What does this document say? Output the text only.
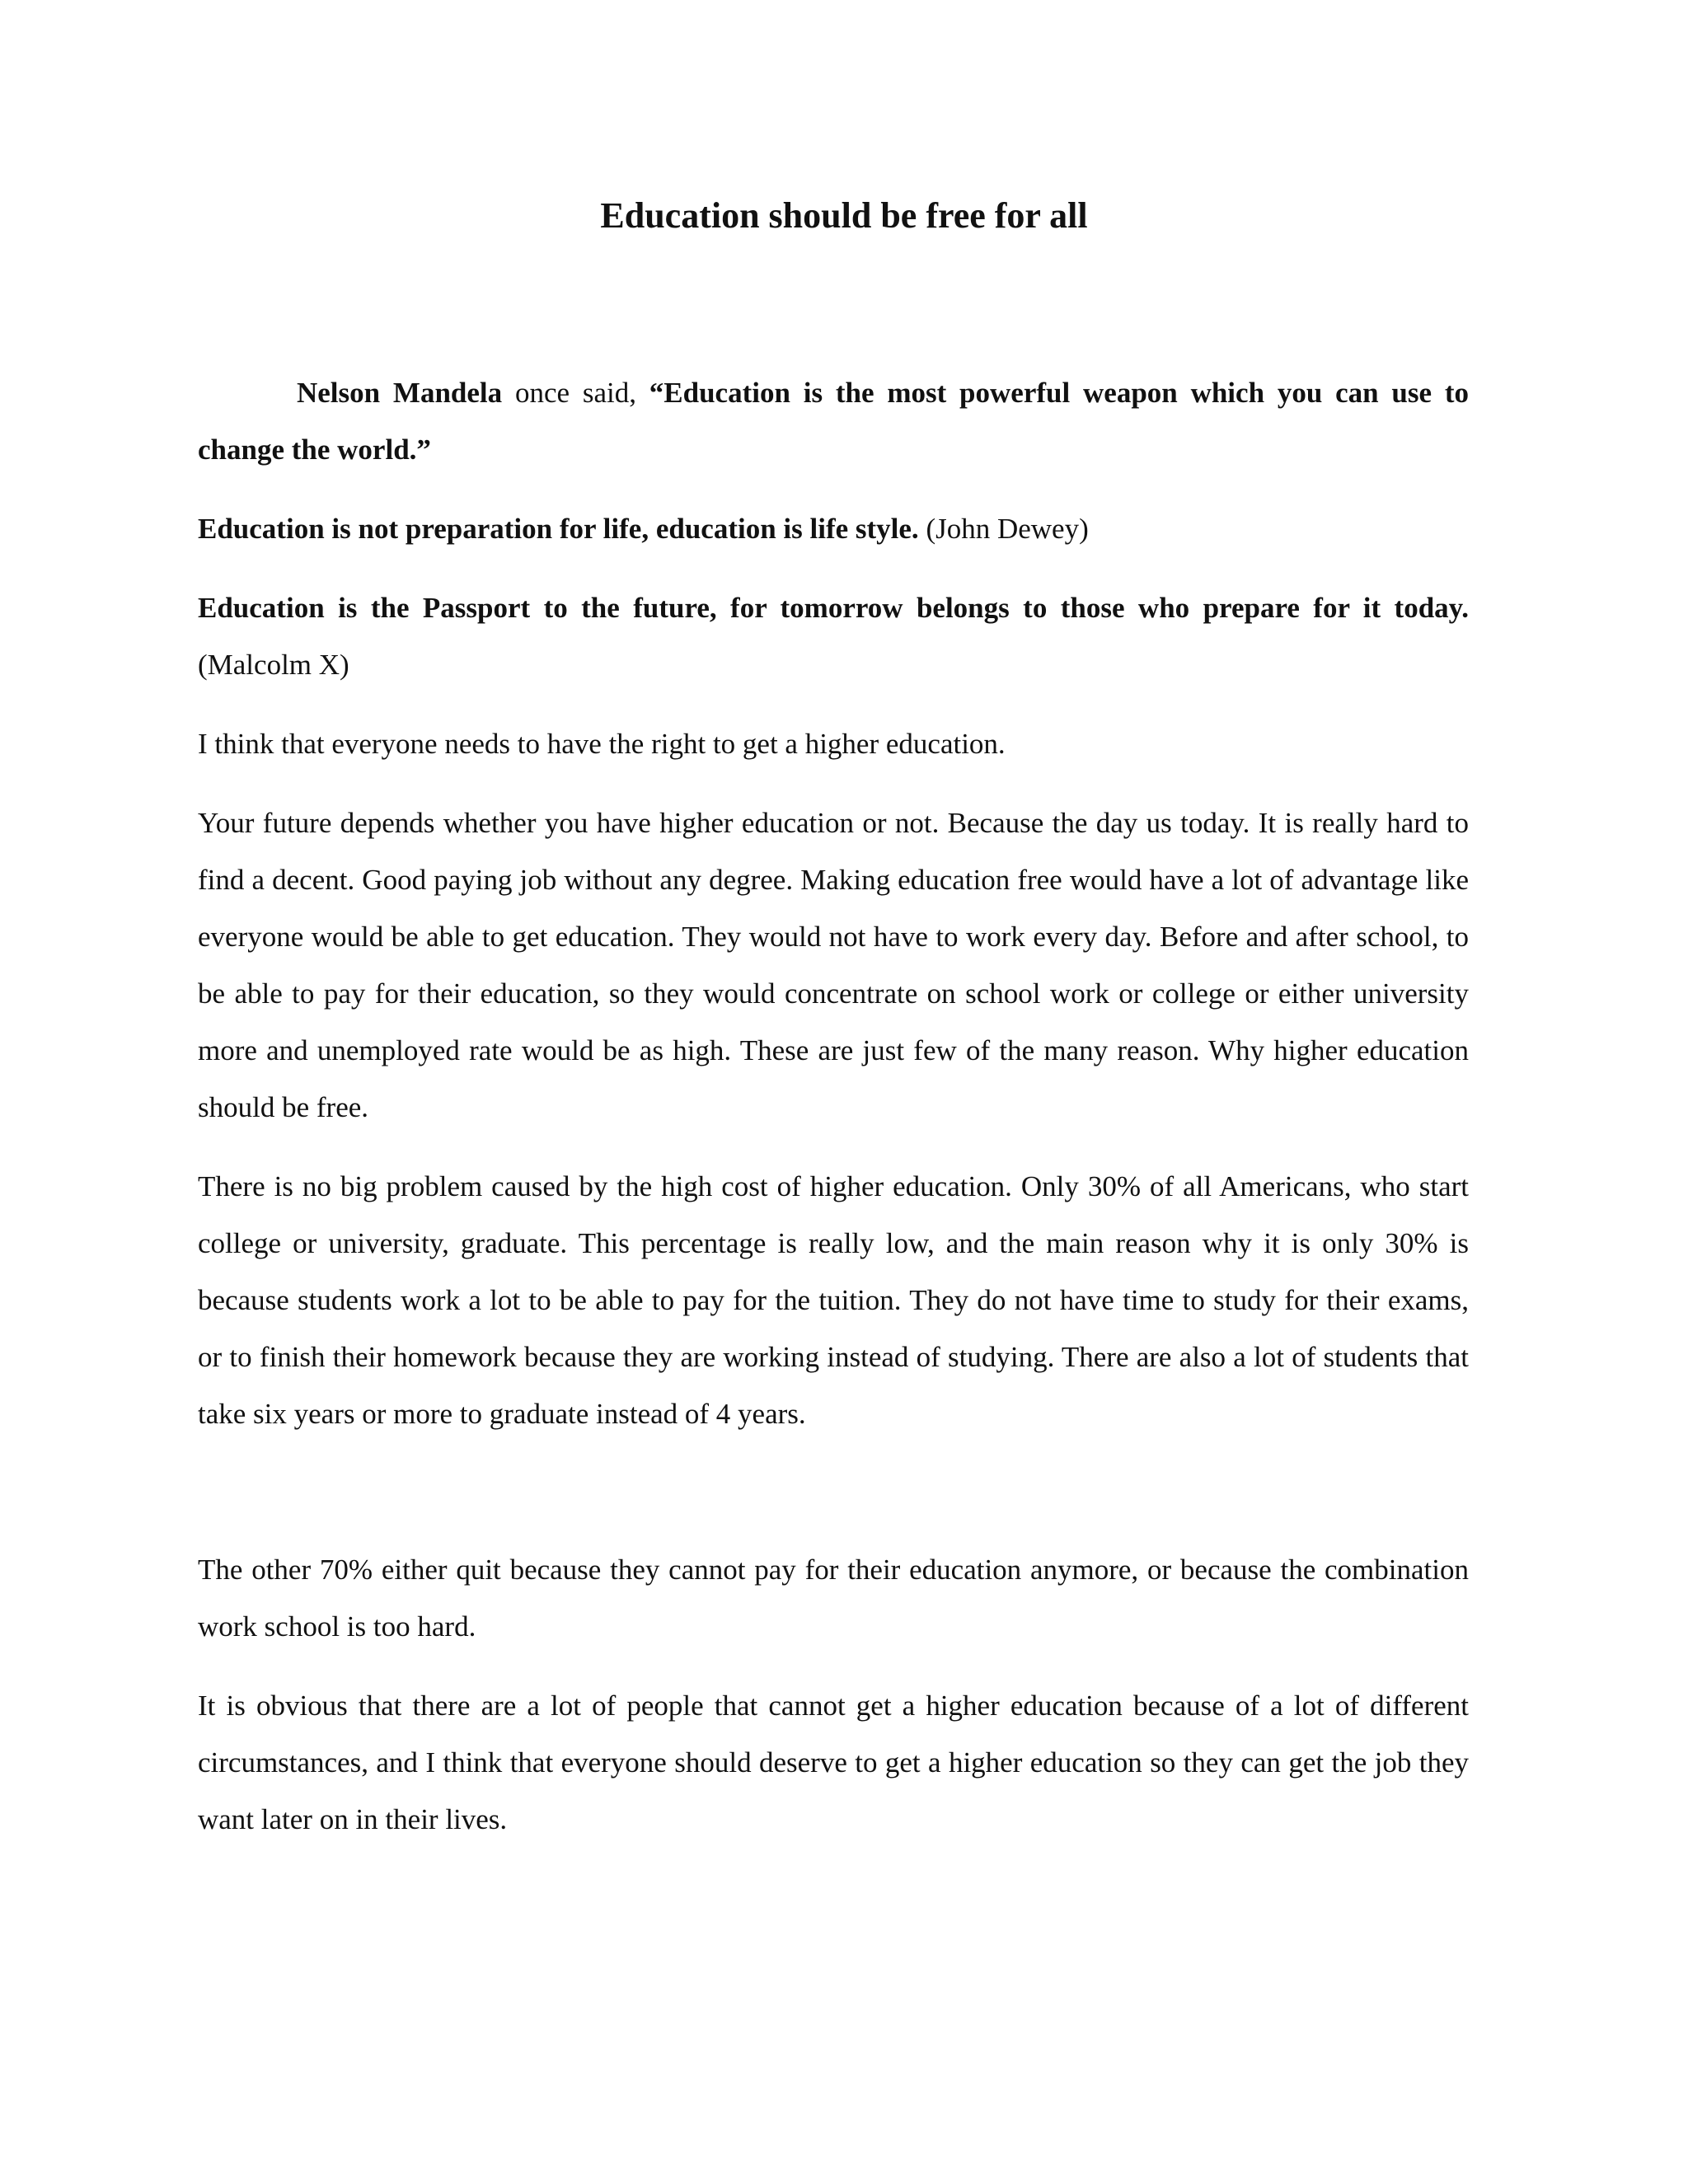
Education should be free for all

Nelson Mandela once said, “Education is the most powerful weapon which you can use to change the world.”

Education is not preparation for life, education is life style. (John Dewey)

Education is the Passport to the future, for tomorrow belongs to those who prepare for it today. (Malcolm X)

I think that everyone needs to have the right to get a higher education.

Your future depends whether you have higher education or not. Because the day us today. It is really hard to find a decent. Good paying job without any degree. Making education free would have a lot of advantage like everyone would be able to get education. They would not have to work every day. Before and after school, to be able to pay for their education, so they would concentrate on school work or college or either university more and unemployed rate would be as high. These are just few of the many reason. Why higher education should be free.

There is no big problem caused by the high cost of higher education. Only 30% of all Americans, who start college or university, graduate. This percentage is really low, and the main reason why it is only 30% is because students work a lot to be able to pay for the tuition. They do not have time to study for their exams, or to finish their homework because they are working instead of studying. There are also a lot of students that take six years or more to graduate instead of 4 years.

The other 70% either quit because they cannot pay for their education anymore, or because the combination work school is too hard.

It is obvious that there are a lot of people that cannot get a higher education because of a lot of different circumstances, and I think that everyone should deserve to get a higher education so they can get the job they want later on in their lives.
